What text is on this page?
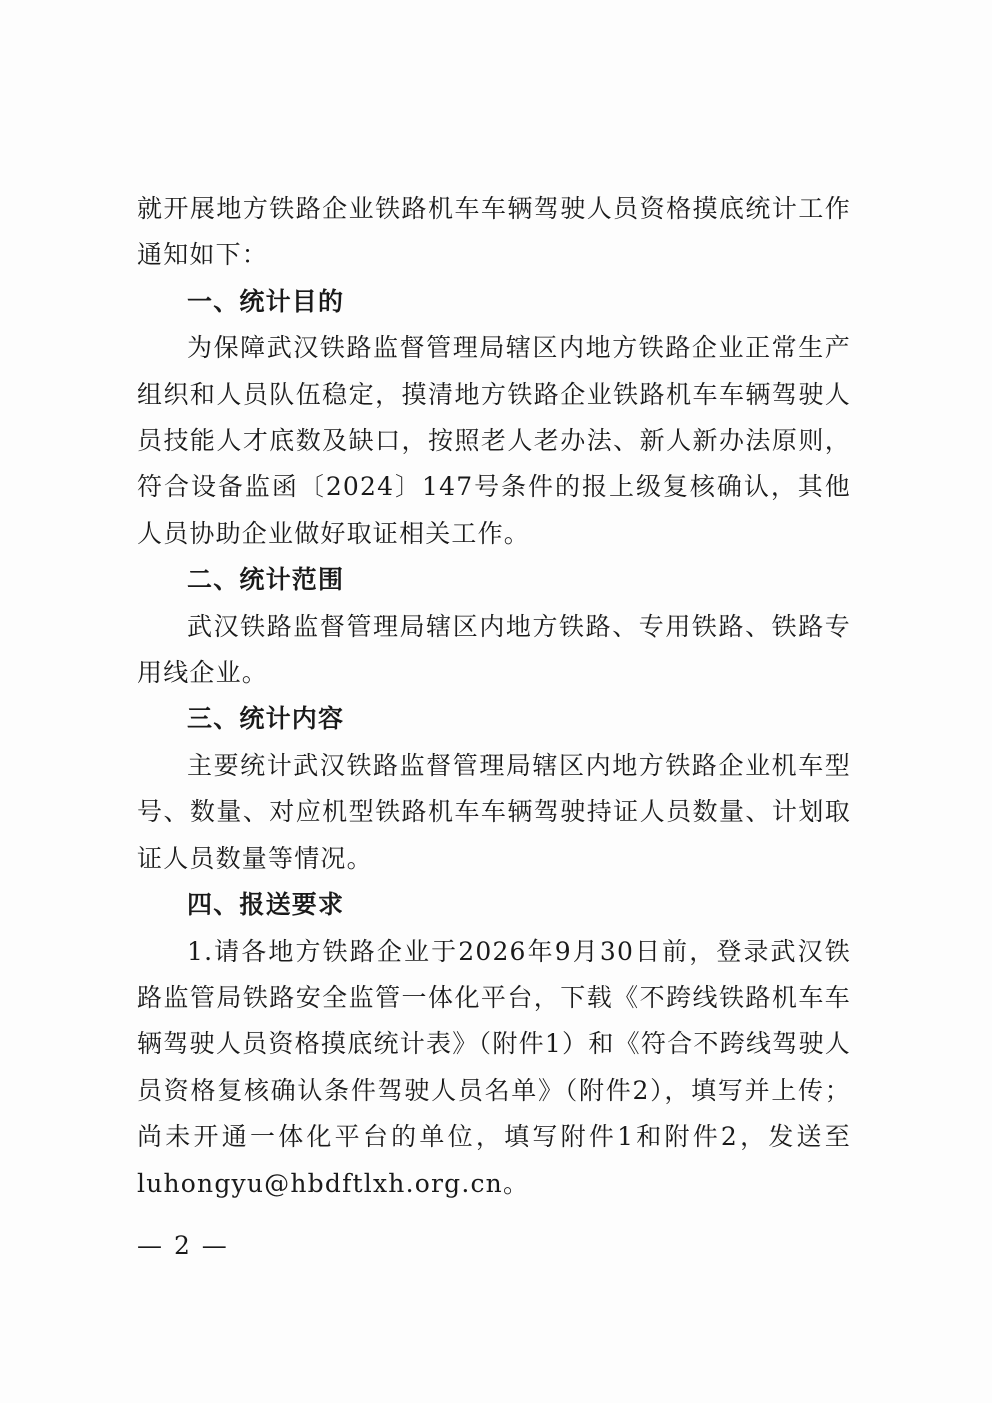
就开展地方铁路企业铁路机车车辆驾驶人员资格摸底统计工作通知如下：

一、统计目的

为保障武汉铁路监督管理局辖区内地方铁路企业正常生产组织和人员队伍稳定，摸清地方铁路企业铁路机车车辆驾驶人员技能人才底数及缺口，按照老人老办法、新人新办法原则，符合设备监函〔2024〕147号条件的报上级复核确认，其他人员协助企业做好取证相关工作。

二、统计范围

武汉铁路监督管理局辖区内地方铁路、专用铁路、铁路专用线企业。

三、统计内容

主要统计武汉铁路监督管理局辖区内地方铁路企业机车型号、数量、对应机型铁路机车车辆驾驶持证人员数量、计划取证人员数量等情况。

四、报送要求

1.请各地方铁路企业于2026年9月30日前，登录武汉铁路监管局铁路安全监管一体化平台，下载《不跨线铁路机车车辆驾驶人员资格摸底统计表》（附件1）和《符合不跨线驾驶人员资格复核确认条件驾驶人员名单》（附件2），填写并上传；尚未开通一体化平台的单位，填写附件1和附件2，发送至luhongyu@hbdftlxh.org.cn。

— 2 —
